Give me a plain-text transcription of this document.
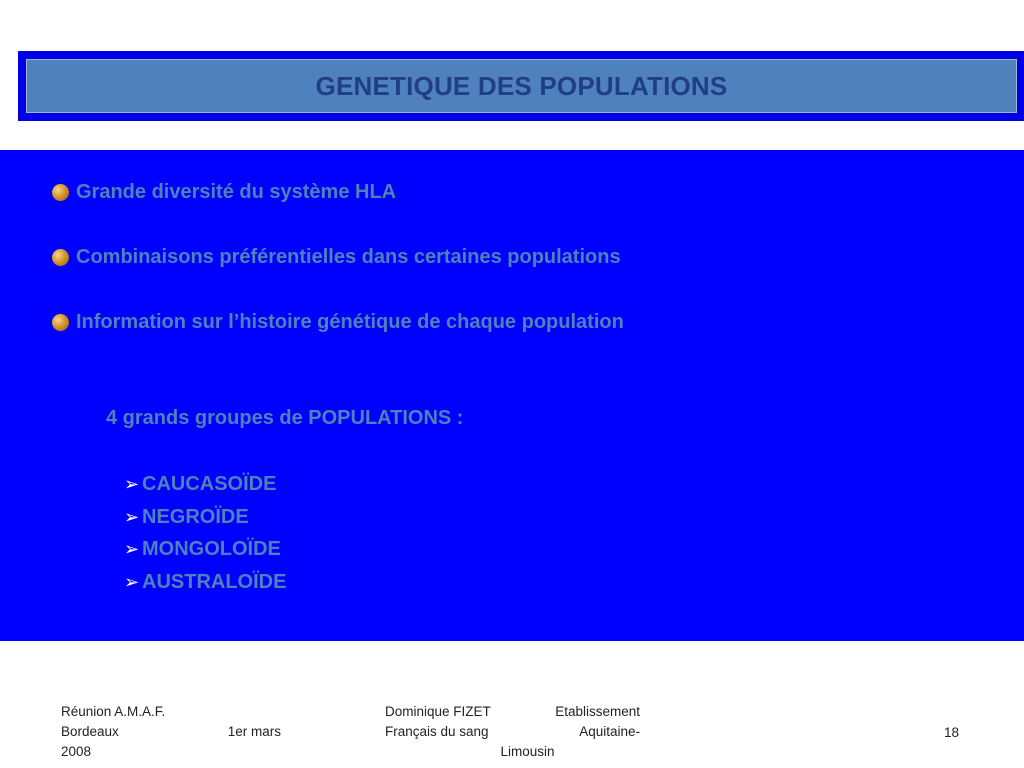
GENETIQUE DES POPULATIONS
Grande diversité du système HLA
Combinaisons préférentielles dans certaines populations
Information sur l’histoire génétique de chaque population
4 grands groupes de POPULATIONS :
➢ CAUCASOÏDE
➢ NEGROÏDE
➢ MONGOLOÏDE
➢ AUSTRALOÏDE
Réunion A.M.A.F.
Bordeaux	1er mars
2008
Dominique FIZET	Etablissement
Français du sang	Aquitaine-
Limousin
18
